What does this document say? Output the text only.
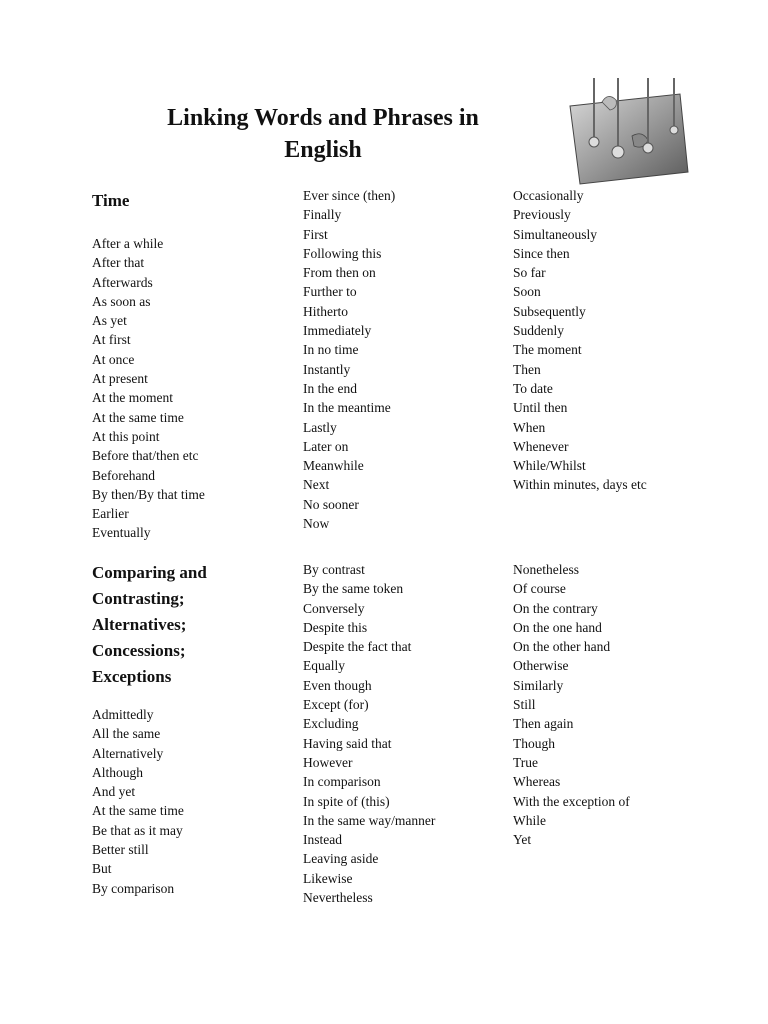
Linking Words and Phrases in
English
Time
After a while
After that
Afterwards
As soon as
As yet
At first
At once
At present
At the moment
At the same time
At this point
Before that/then etc
Beforehand
By then/By that time
Earlier
Eventually
Ever since (then)
Finally
First
Following this
From then on
Further to
Hitherto
Immediately
In no time
Instantly
In the end
In the meantime
Lastly
Later on
Meanwhile
Next
No sooner
Now
Occasionally
Previously
Simultaneously
Since then
So far
Soon
Subsequently
Suddenly
The moment
Then
To date
Until then
When
Whenever
While/Whilst
Within minutes, days etc
Comparing and
Contrasting;
Alternatives;
Concessions;
Exceptions
Admittedly
All the same
Alternatively
Although
And yet
At the same time
Be that as it may
Better still
But
By comparison
By contrast
By the same token
Conversely
Despite this
Despite the fact that
Equally
Even though
Except (for)
Excluding
Having said that
However
In comparison
In spite of (this)
In the same way/manner
Instead
Leaving aside
Likewise
Nevertheless
Nonetheless
Of course
On the contrary
On the one hand
On the other hand
Otherwise
Similarly
Still
Then again
Though
True
Whereas
With the exception of
While
Yet
